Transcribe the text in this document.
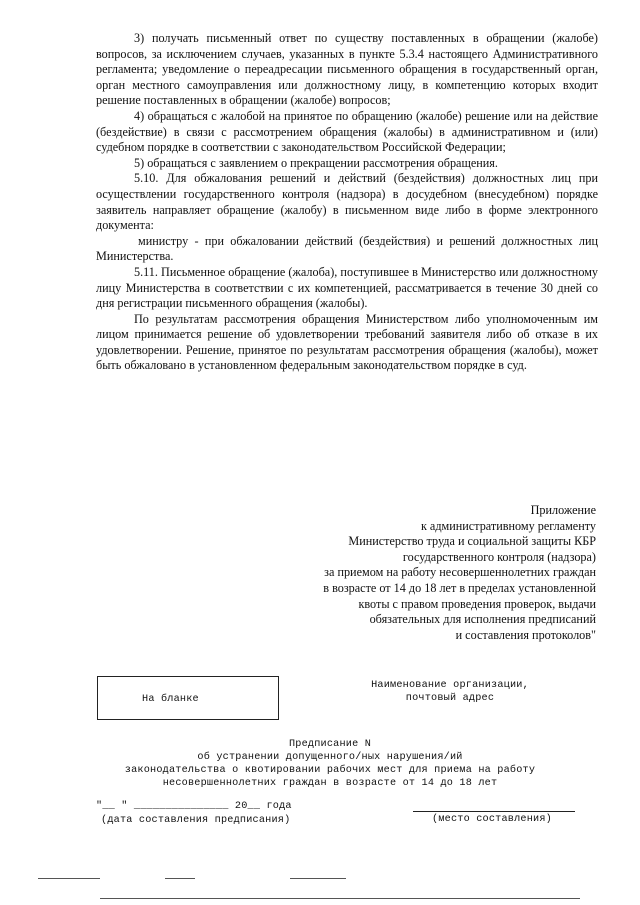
3) получать письменный ответ по существу поставленных в обращении (жалобе) вопросов, за исключением случаев, указанных в пункте 5.3.4 настоящего Административного регламента; уведомление о переадресации письменного обращения в государственный орган, орган местного самоуправления или должностному лицу, в компетенцию которых входит решение поставленных в обращении (жалобе) вопросов;

4) обращаться с жалобой на принятое по обращению (жалобе) решение или на действие (бездействие) в связи с рассмотрением обращения (жалобы) в административном и (или) судебном порядке в соответствии с законодательством Российской Федерации;

5) обращаться с заявлением о прекращении рассмотрения обращения.

5.10. Для обжалования решений и действий (бездействия) должностных лиц при осуществлении государственного контроля (надзора) в досудебном (внесудебном) порядке заявитель направляет обращение (жалобу) в письменном виде либо в форме электронного документа:

министру - при обжаловании действий (бездействия) и решений должностных лиц Министерства.

5.11. Письменное обращение (жалоба), поступившее в Министерство или должностному лицу Министерства в соответствии с их компетенцией, рассматривается в течение 30 дней со дня регистрации письменного обращения (жалобы).

По результатам рассмотрения обращения Министерством либо уполномоченным им лицом принимается решение об удовлетворении требований заявителя либо об отказе в их удовлетворении. Решение, принятое по результатам рассмотрения обращения (жалобы), может быть обжаловано в установленном федеральным законодательством порядке в суд.

Приложение
к административному регламенту
Министерство труда и социальной защиты КБР
государственного контроля (надзора)
за приемом на работу несовершеннолетних граждан
в возрасте от 14 до 18 лет в пределах установленной
квоты с правом проведения проверок, выдачи
обязательных для исполнения предписаний
и составления протоколов"
На бланке
Наименование организации,
почтовый адрес
Предписание N
об устранении допущенного/ных нарушения/ий
законодательства о квотировании рабочих мест для приема на работу
несовершеннолетних граждан в возрасте от 14 до 18 лет
"__ " _______________ 20__ года
(дата составления предписания)	(место составления)
